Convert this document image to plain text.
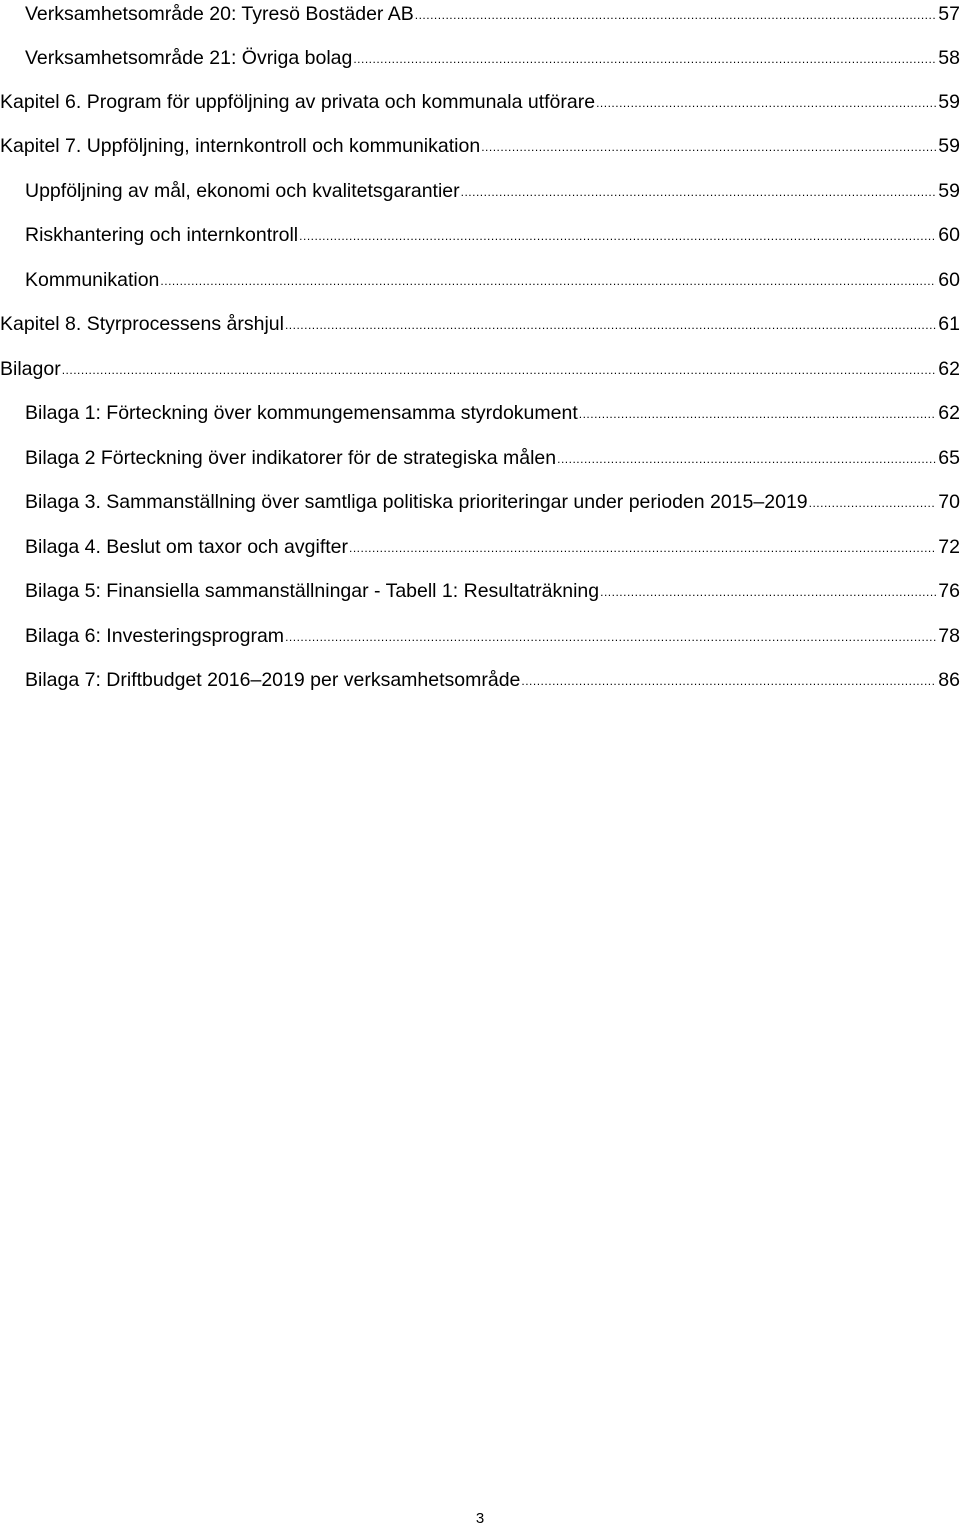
Verksamhetsområde 20: Tyresö Bostäder AB .....	57
Verksamhetsområde 21: Övriga bolag .....	58
Kapitel 6. Program för uppföljning av privata och kommunala utförare .....	59
Kapitel 7. Uppföljning, internkontroll och kommunikation .....	59
Uppföljning av mål, ekonomi och kvalitetsgarantier .....	59
Riskhantering och internkontroll .....	60
Kommunikation .....	60
Kapitel 8. Styrprocessens årshjul .....	61
Bilagor .....	62
Bilaga 1: Förteckning över kommungemensamma styrdokument .....	62
Bilaga 2 Förteckning över indikatorer för de strategiska målen .....	65
Bilaga 3. Sammanställning över samtliga politiska prioriteringar under perioden 2015–2019 .....	70
Bilaga 4. Beslut om taxor och avgifter .....	72
Bilaga 5: Finansiella sammanställningar - Tabell 1: Resultaträkning .....	76
Bilaga 6: Investeringsprogram .....	78
Bilaga 7: Driftbudget 2016–2019 per verksamhetsområde .....	86
3
